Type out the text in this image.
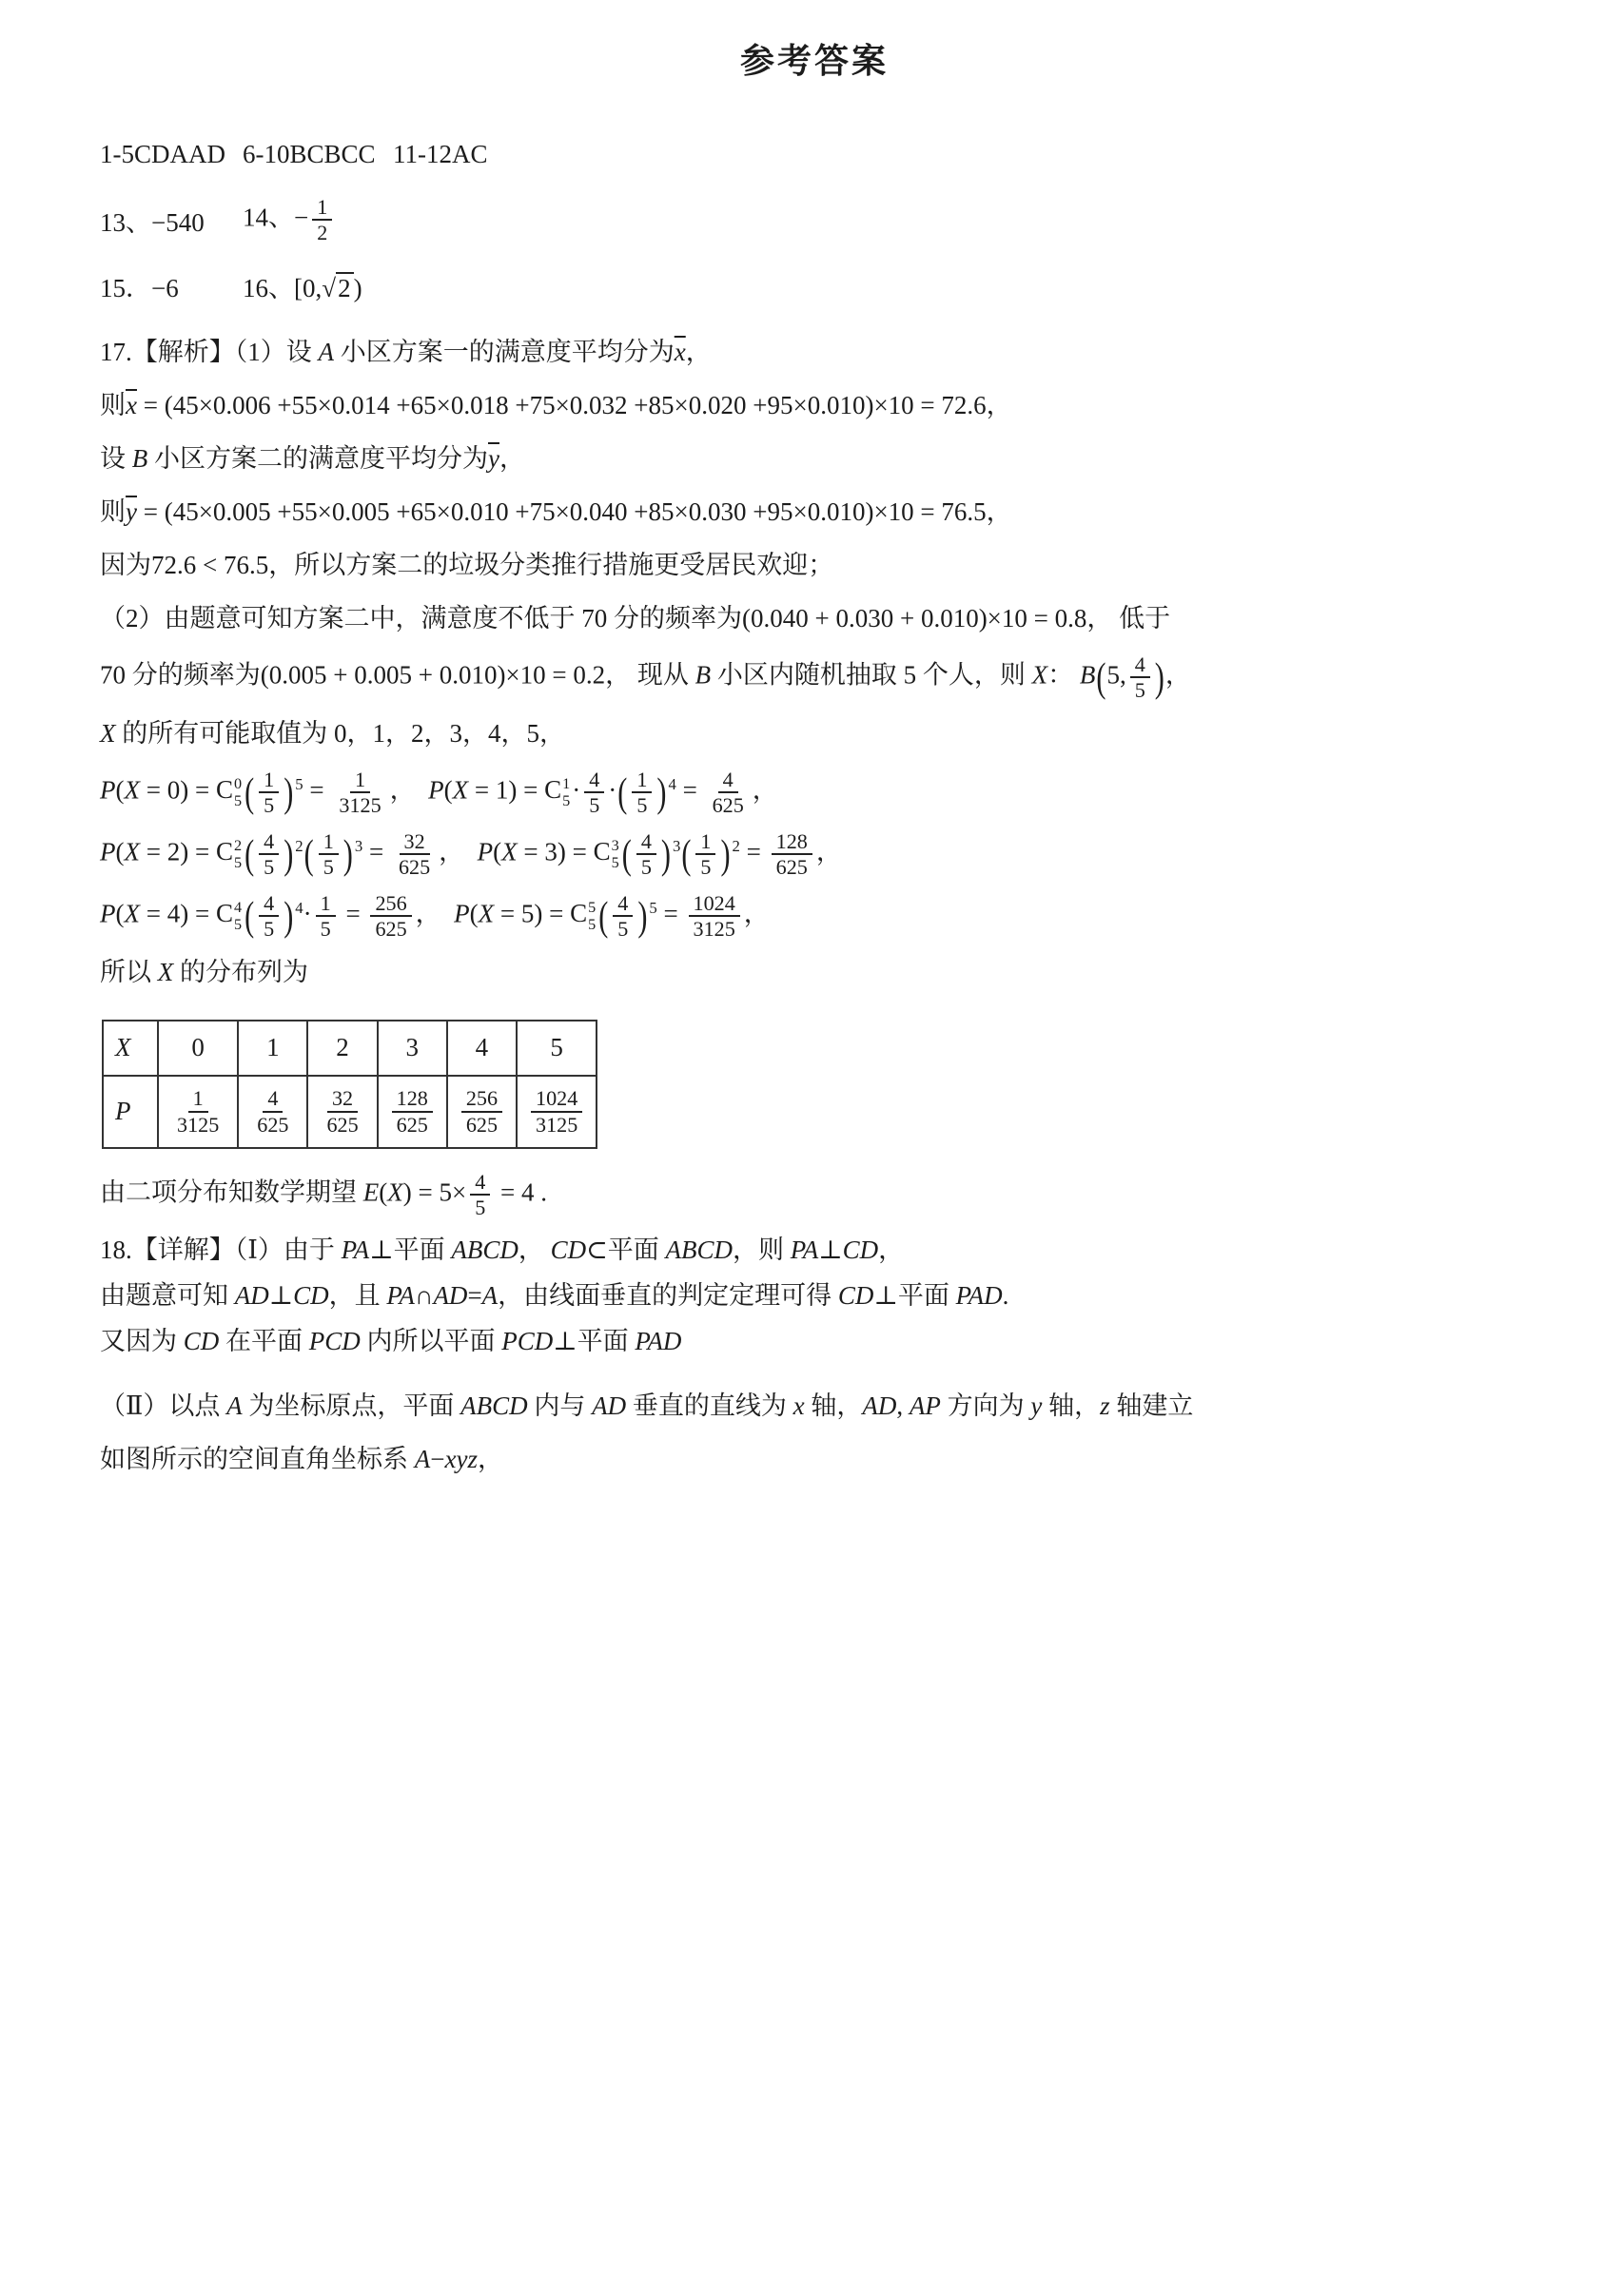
参考答案
1-5CDAAD 6-10BCBCC 11-12AC
13、−540	14、− $\frac{1}{2}$
15．−6	16、[0,√2 )

17.【解析】（1）设 A 小区方案一的满意度平均分为$\overline{x}$，

则$\overline{x} = (45\times 0.006 +55\times 0.014 +65\times 0.018 +75\times 0.032 +85\times 0.020 +95\times 0.010)\times 10 = 72.6$，

设 B 小区方案二的满意度平均分为$\overline{y}$，

则$\overline{y} = (45\times 0.005 +55\times 0.005 +65\times 0.010 +75\times 0.040 +85\times 0.030 +95\times 0.010)\times 10 = 76.5$，

因为72.6 < 76.5，所以方案二的垃圾分类推行措施更受居民欢迎；

（2）由题意可知方案二中，满意度不低于 70 分的频率为(0.040 + 0.030 + 0.010)×10 = 0.8， 低于

70 分的频率为(0.005 + 0.005 + 0.010)×10 = 0.2， 现从 B 小区内随机抽取 5 个人，则 X： B(5, $\frac{4}{5}$ )，

X 的所有可能取值为 0，1，2，3，4，5，

P(X = 0) = C 0
5 ( $\frac{1}{5}$ ) $^5 = \frac{1}{3125}$ ，　P(X = 1) = C 1
$5 \cdot \frac{4}{5}$ ·( $\frac{1}{5}$ ) $^4 = \frac{4}{625}$ ，

P(X = 2) = C 2
5 ( $\frac{4}{5}$ ) $^2( \frac{1}{5}$ ) $^3 = \frac{32}{625}$ ，　P(X = 3) = C 3
5 ( $\frac{4}{5}$ ) $^3( \frac{1}{5}$ ) $^2 = \frac{128}{625}$ ，

P(X = 4) = C 4
5 ( $\frac{4}{5}$ ) $^4\cdot \frac{1}{5} = \frac{256}{625}$ ，　P(X = 5) = C 5
5 ( $\frac{4}{5}$ ) $^5 = \frac{1024}{3125}$ ，

所以 X 的分布列为

X	0	1	2	3	4	5
P	$\frac{1}{3125}$	$\frac{4}{625}$	$\frac{32}{625}$	$\frac{128}{625}$	$\frac{256}{625}$	$\frac{1024}{3125}$

由二项分布知数学期望 $E(X) = 5\times \frac{4}{5} = 4$ .

18.【详解】（Ⅰ）由于 PA⊥平面 ABCD， CD⊂平面 ABCD，则 PA⊥CD，

由题意可知 AD⊥CD，且 PA∩AD=A，由线面垂直的判定定理可得 CD⊥平面 PAD.

又因为 CD 在平面 PCD 内所以平面 PCD⊥平面 PAD

（Ⅱ）以点 A 为坐标原点，平面 ABCD 内与 AD 垂直的直线为 x 轴，AD, AP 方向为 y 轴，z 轴建立

如图所示的空间直角坐标系 A−xyz，
